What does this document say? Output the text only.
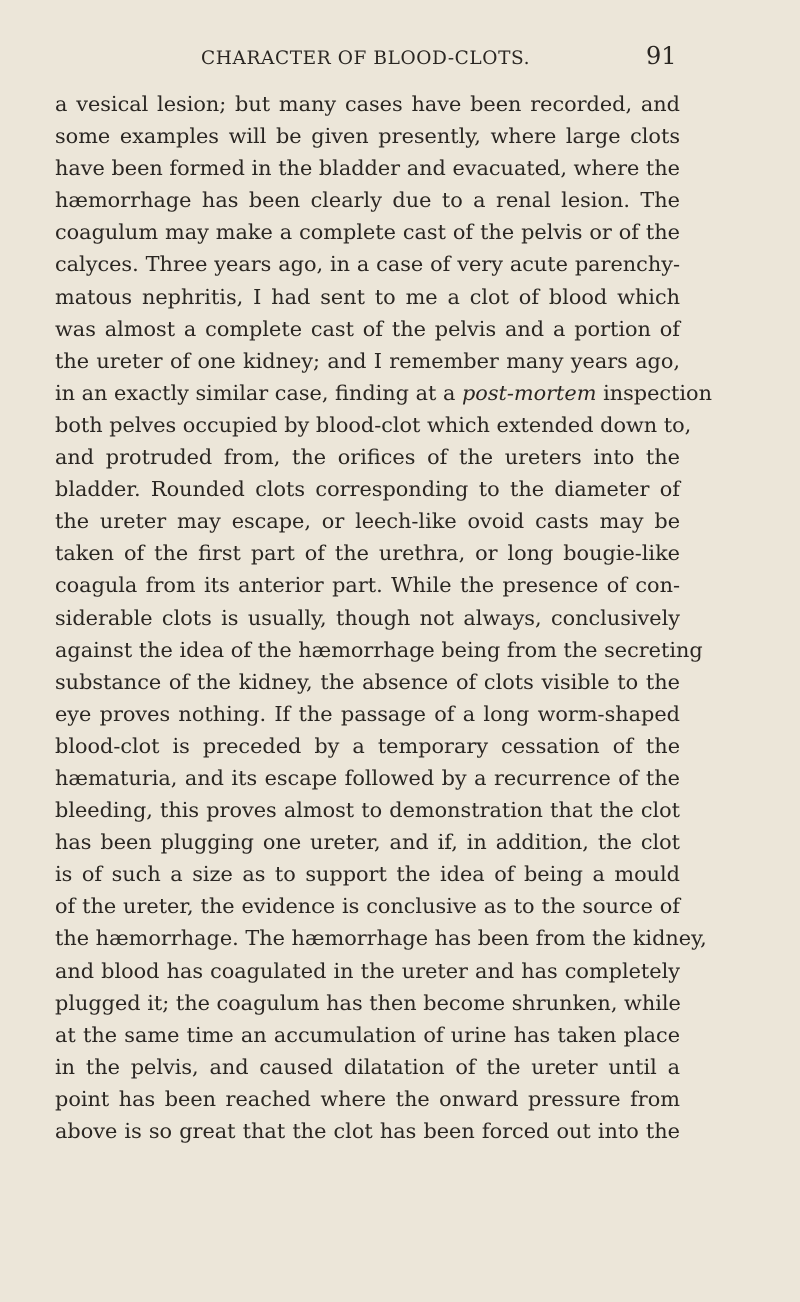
CHARACTER OF BLOOD-CLOTS.	91
a vesical lesion; but many cases have been recorded, and
some examples will be given presently, where large clots
have been formed in the bladder and evacuated, where the
hæmorrhage has been clearly due to a renal lesion. The
coagulum may make a complete cast of the pelvis or of the
calyces. Three years ago, in a case of very acute parenchy-
matous nephritis, I had sent to me a clot of blood which
was almost a complete cast of the pelvis and a portion of
the ureter of one kidney; and I remember many years ago,
in an exactly similar case, finding at a post-mortem inspection
both pelves occupied by blood-clot which extended down to,
and protruded from, the orifices of the ureters into the
bladder. Rounded clots corresponding to the diameter of
the ureter may escape, or leech-like ovoid casts may be
taken of the first part of the urethra, or long bougie-like
coagula from its anterior part. While the presence of con-
siderable clots is usually, though not always, conclusively
against the idea of the hæmorrhage being from the secreting
substance of the kidney, the absence of clots visible to the
eye proves nothing. If the passage of a long worm-shaped
blood-clot is preceded by a temporary cessation of the
hæmaturia, and its escape followed by a recurrence of the
bleeding, this proves almost to demonstration that the clot
has been plugging one ureter, and if, in addition, the clot
is of such a size as to support the idea of being a mould
of the ureter, the evidence is conclusive as to the source of
the hæmorrhage. The hæmorrhage has been from the kidney,
and blood has coagulated in the ureter and has completely
plugged it; the coagulum has then become shrunken, while
at the same time an accumulation of urine has taken place
in the pelvis, and caused dilatation of the ureter until a
point has been reached where the onward pressure from
above is so great that the clot has been forced out into the
